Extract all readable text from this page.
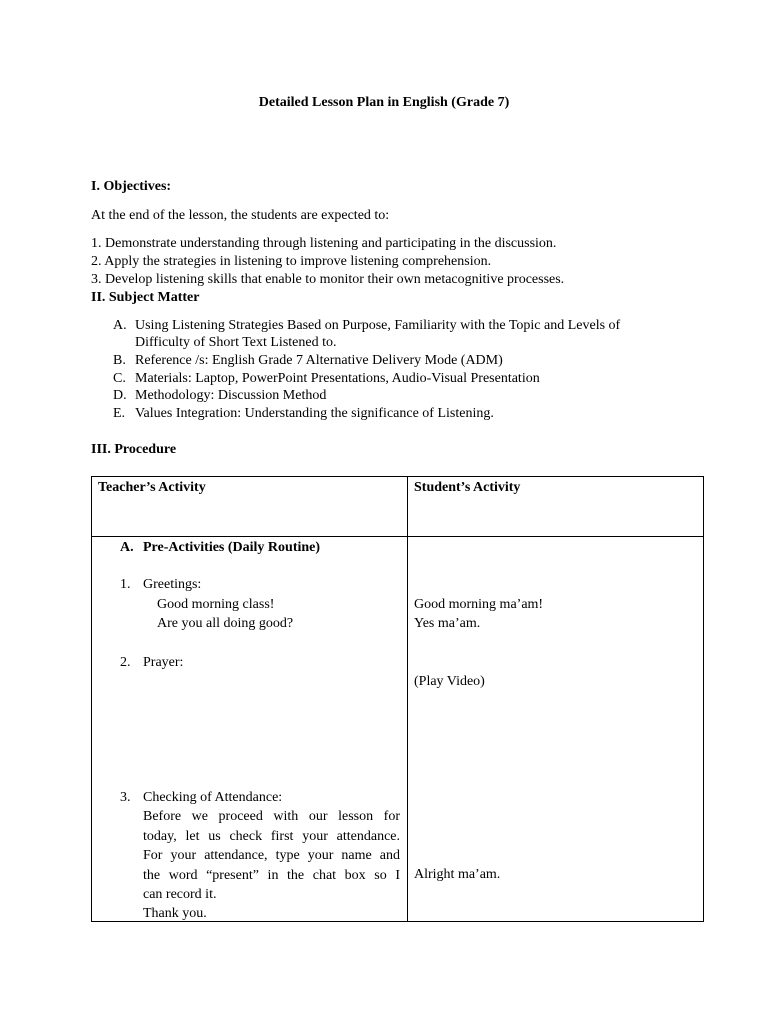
Detailed Lesson Plan in English (Grade 7)
I. Objectives:
At the end of the lesson, the students are expected to:
1. Demonstrate understanding through listening and participating in the discussion.
2. Apply the strategies in listening to improve listening comprehension.
3. Develop listening skills that enable to monitor their own metacognitive processes.
II. Subject Matter
A. Using Listening Strategies Based on Purpose, Familiarity with the Topic and Levels of
Difficulty of Short Text Listened to.
B. Reference /s: English Grade 7 Alternative Delivery Mode (ADM)
C. Materials: Laptop, PowerPoint Presentations, Audio-Visual Presentation
D. Methodology: Discussion Method
E. Values Integration: Understanding the significance of Listening.
III. Procedure
Teacher’s Activity	Student’s Activity
A. Pre-Activities (Daily Routine)
1. Greetings:
Good morning class!
Are you all doing good?
Good morning ma’am!
Yes ma’am.
2. Prayer:
(Play Video)
3. Checking of Attendance:
Before we proceed with our lesson for
today, let us check first your attendance.
For your attendance, type your name and
the word “present” in the chat box so I
can record it.
Thank you.
Alright ma’am.
